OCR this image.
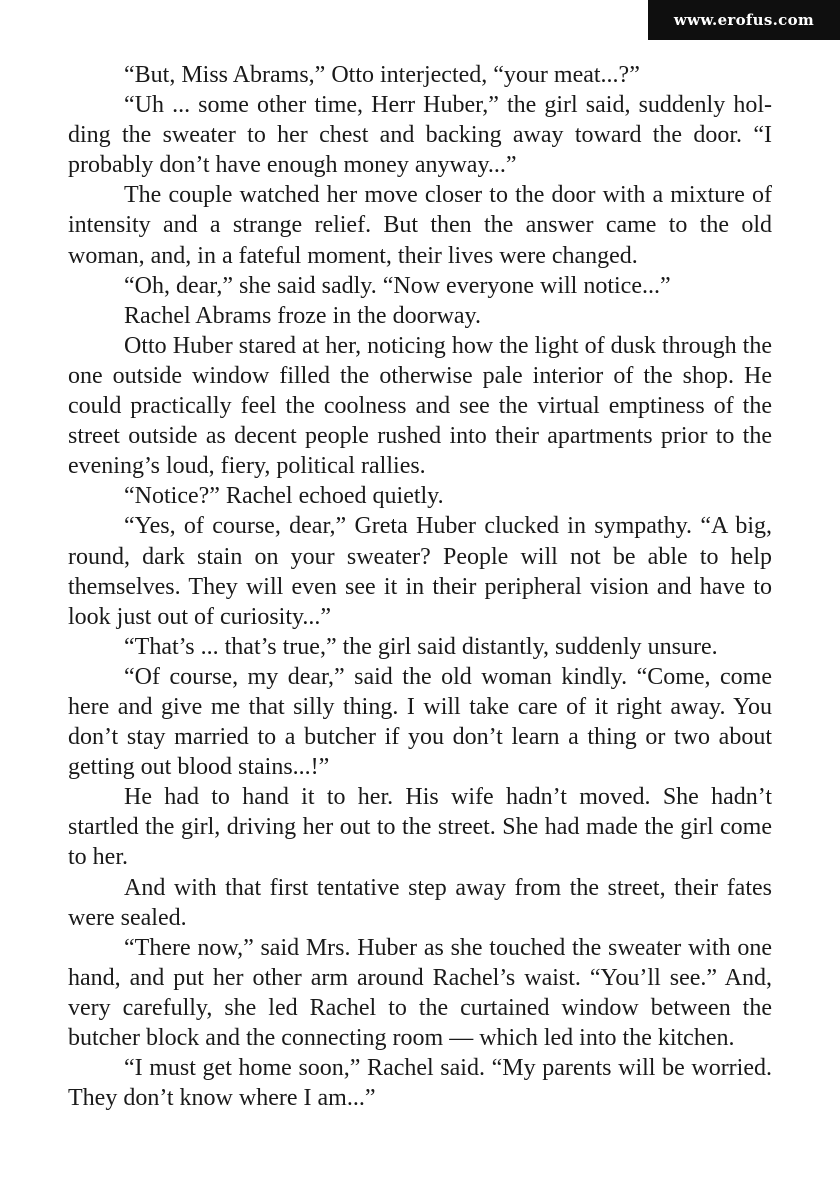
www.erofus.com

“But, Miss Abrams,” Otto interjected, “your meat...?”

“Uh ... some other time, Herr Huber,” the girl said, suddenly holding the sweater to her chest and backing away toward the door. “I probably don’t have enough money anyway...”

The couple watched her move closer to the door with a mixture of intensity and a strange relief. But then the answer came to the old woman, and, in a fateful moment, their lives were changed.

“Oh, dear,” she said sadly. “Now everyone will notice...”

Rachel Abrams froze in the doorway.

Otto Huber stared at her, noticing how the light of dusk through the one outside window filled the otherwise pale interior of the shop. He could practically feel the coolness and see the virtual emptiness of the street outside as decent people rushed into their apartments prior to the evening’s loud, fiery, political rallies.

“Notice?” Rachel echoed quietly.

“Yes, of course, dear,” Greta Huber clucked in sympathy. “A big, round, dark stain on your sweater? People will not be able to help themselves. They will even see it in their peripheral vision and have to look just out of curiosity...”

“That’s ... that’s true,” the girl said distantly, suddenly unsure.

“Of course, my dear,” said the old woman kindly. “Come, come here and give me that silly thing. I will take care of it right away. You don’t stay married to a butcher if you don’t learn a thing or two about getting out blood stains...!”

He had to hand it to her. His wife hadn’t moved. She hadn’t startled the girl, driving her out to the street. She had made the girl come to her.

And with that first tentative step away from the street, their fates were sealed.

“There now,” said Mrs. Huber as she touched the sweater with one hand, and put her other arm around Rachel’s waist. “You’ll see.” And, very carefully, she led Rachel to the curtained window between the butcher block and the connecting room — which led into the kitchen.

“I must get home soon,” Rachel said. “My parents will be worried. They don’t know where I am...”
